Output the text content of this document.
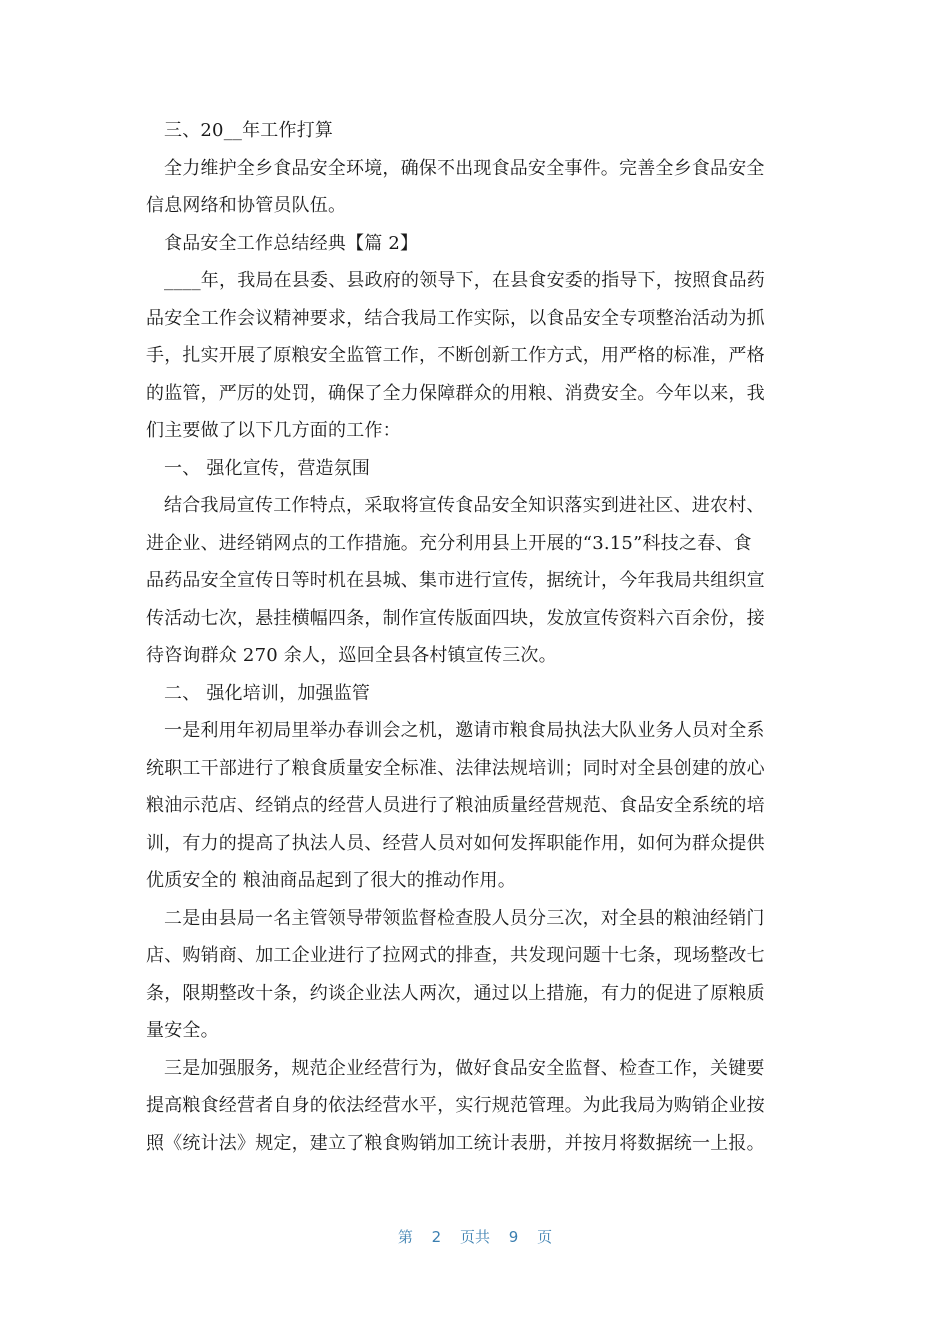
三、20__年工作打算
全力维护全乡食品安全环境，确保不出现食品安全事件。完善全乡食品安全
信息网络和协管员队伍。
食品安全工作总结经典【篇 2】
____年，我局在县委、县政府的领导下，在县食安委的指导下，按照食品药
品安全工作会议精神要求，结合我局工作实际，以食品安全专项整治活动为抓
手，扎实开展了原粮安全监管工作，不断创新工作方式，用严格的标准，严格
的监管，严厉的处罚，确保了全力保障群众的用粮、消费安全。今年以来，我
们主要做了以下几方面的工作：
一、 强化宣传，营造氛围
结合我局宣传工作特点，采取将宣传食品安全知识落实到进社区、进农村、
进企业、进经销网点的工作措施。充分利用县上开展的“3.15”科技之春、食
品药品安全宣传日等时机在县城、集市进行宣传，据统计，今年我局共组织宣
传活动七次，悬挂横幅四条，制作宣传版面四块，发放宣传资料六百余份，接
待咨询群众 270 余人，巡回全县各村镇宣传三次。
二、 强化培训，加强监管
一是利用年初局里举办春训会之机，邀请市粮食局执法大队业务人员对全系
统职工干部进行了粮食质量安全标准、法律法规培训；同时对全县创建的放心
粮油示范店、经销点的经营人员进行了粮油质量经营规范、食品安全系统的培
训，有力的提高了执法人员、经营人员对如何发挥职能作用，如何为群众提供
优质安全的 粮油商品起到了很大的推动作用。
二是由县局一名主管领导带领监督检查股人员分三次，对全县的粮油经销门
店、购销商、加工企业进行了拉网式的排查，共发现问题十七条，现场整改七
条，限期整改十条，约谈企业法人两次，通过以上措施，有力的促进了原粮质
量安全。
三是加强服务，规范企业经营行为，做好食品安全监督、检查工作，关键要
提高粮食经营者自身的依法经营水平，实行规范管理。为此我局为购销企业按
照《统计法》规定，建立了粮食购销加工统计表册，并按月将数据统一上报。
第 2 页共 9 页
